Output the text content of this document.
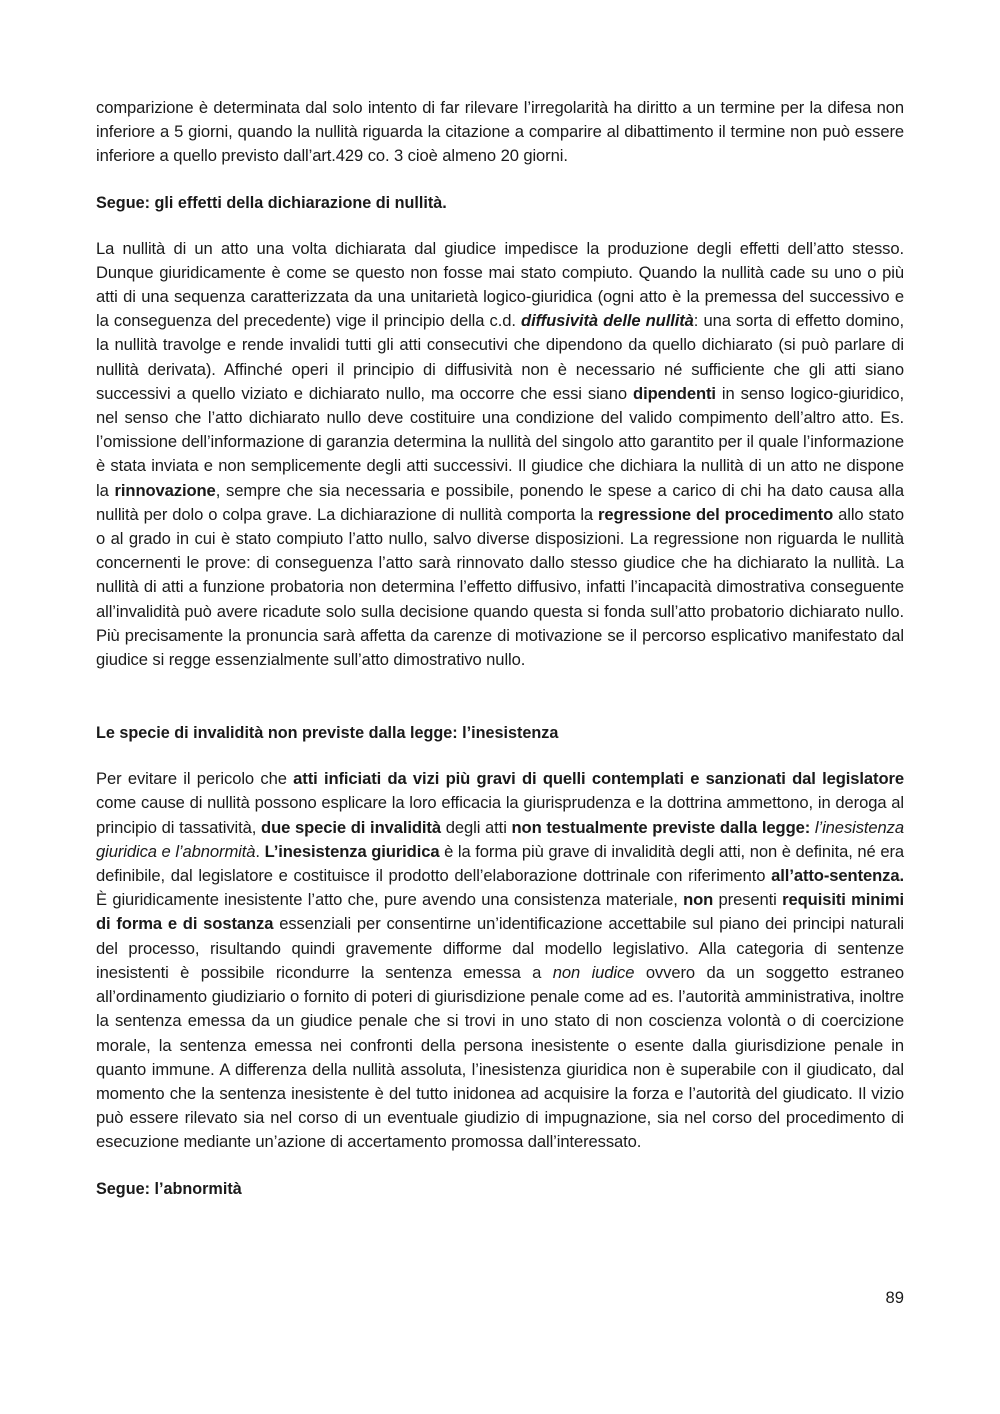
comparizione è determinata dal solo intento di far rilevare l’irregolarità ha diritto a un termine per la difesa non inferiore a 5 giorni, quando la nullità riguarda la citazione a comparire al dibattimento il termine non può essere inferiore a quello previsto dall’art.429 co. 3 cioè almeno 20 giorni.

Segue: gli effetti della dichiarazione di nullità.

La nullità di un atto una volta dichiarata dal giudice impedisce la produzione degli effetti dell’atto stesso. Dunque giuridicamente è come se questo non fosse mai stato compiuto. Quando la nullità cade su uno o più atti di una sequenza caratterizzata da una unitarietà logico-giuridica (ogni atto è la premessa del successivo e la conseguenza del precedente) vige il principio della c.d. diffusività delle nullità: una sorta di effetto domino, la nullità travolge e rende invalidi tutti gli atti consecutivi che dipendono da quello dichiarato (si può parlare di nullità derivata). Affinché operi il principio di diffusività non è necessario né sufficiente che gli atti siano successivi a quello viziato e dichiarato nullo, ma occorre che essi siano dipendenti in senso logico-giuridico, nel senso che l’atto dichiarato nullo deve costituire una condizione del valido compimento dell’altro atto. Es. l’omissione dell’informazione di garanzia determina la nullità del singolo atto garantito per il quale l’informazione è stata inviata e non semplicemente degli atti successivi. Il giudice che dichiara la nullità di un atto ne dispone la rinnovazione, sempre che sia necessaria e possibile, ponendo le spese a carico di chi ha dato causa alla nullità per dolo o colpa grave. La dichiarazione di nullità comporta la regressione del procedimento allo stato o al grado in cui è stato compiuto l’atto nullo, salvo diverse disposizioni. La regressione non riguarda le nullità concernenti le prove: di conseguenza l’atto sarà rinnovato dallo stesso giudice che ha dichiarato la nullità. La nullità di atti a funzione probatoria non determina l’effetto diffusivo, infatti l’incapacità dimostrativa conseguente all’invalidità può avere ricadute solo sulla decisione quando questa si fonda sull’atto probatorio dichiarato nullo. Più precisamente la pronuncia sarà affetta da carenze di motivazione se il percorso esplicativo manifestato dal giudice si regge essenzialmente sull’atto dimostrativo nullo.

Le specie di invalidità non previste dalla legge: l’inesistenza

Per evitare il pericolo che atti inficiati da vizi più gravi di quelli contemplati e sanzionati dal legislatore come cause di nullità possono esplicare la loro efficacia la giurisprudenza e la dottrina ammettono, in deroga al principio di tassatività, due specie di invalidità degli atti non testualmente previste dalla legge: l’inesistenza giuridica e l’abnormità. L’inesistenza giuridica è la forma più grave di invalidità degli atti, non è definita, né era definibile, dal legislatore e costituisce il prodotto dell’elaborazione dottrinale con riferimento all’atto-sentenza. È giuridicamente inesistente l’atto che, pure avendo una consistenza materiale, non presenti requisiti minimi di forma e di sostanza essenziali per consentirne un’identificazione accettabile sul piano dei principi naturali del processo, risultando quindi gravemente difforme dal modello legislativo. Alla categoria di sentenze inesistenti è possibile ricondurre la sentenza emessa a non iudice ovvero da un soggetto estraneo all’ordinamento giudiziario o fornito di poteri di giurisdizione penale come ad es. l’autorità amministrativa, inoltre la sentenza emessa da un giudice penale che si trovi in uno stato di non coscienza volontà o di coercizione morale, la sentenza emessa nei confronti della persona inesistente o esente dalla giurisdizione penale in quanto immune. A differenza della nullità assoluta, l’inesistenza giuridica non è superabile con il giudicato, dal momento che la sentenza inesistente è del tutto inidonea ad acquisire la forza e l’autorità del giudicato. Il vizio può essere rilevato sia nel corso di un eventuale giudizio di impugnazione, sia nel corso del procedimento di esecuzione mediante un’azione di accertamento promossa dall’interessato.

Segue: l’abnormità
89
